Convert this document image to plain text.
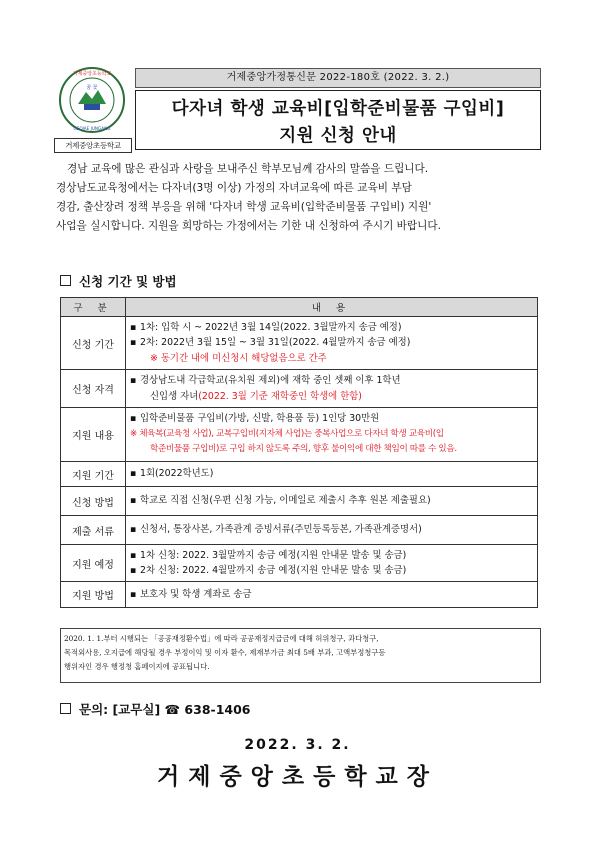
거제중앙초등학교
GEOJAE JUNGANG
꿈 꽃
거제중앙초등학교
거제중앙가정통신문 2022-180호 (2022. 3. 2.)
다자녀 학생 교육비[입학준비물품 구입비]
지원 신청 안내

경남 교육에 많은 관심과 사랑을 보내주신 학부모님께 감사의 말씀을 드립니다.

경상남도교육청에서는 다자녀(3명 이상) 가정의 자녀교육에 따른 교육비 부담

경감, 출산장려 정책 부응을 위해 '다자녀 학생 교육비(입학준비물품 구입비) 지원'

사업을 실시합니다. 지원을 희망하는 가정에서는 기한 내 신청하여 주시기 바랍니다.

신청 기간 및 방법
구 분	내 용
신청 기간	▪ 1차: 입학 시 ~ 2022년 3월 14일(2022. 3월말까지 송금 예정)
▪ 2차: 2022년 3월 15일 ~ 3월 31일(2022. 4월말까지 송금 예정)
※ 동기간 내에 미신청시 해당없음으로 간주

신청 자격	▪ 경상남도내 각급학교(유치원 제외)에 재학 중인 셋째 이후 1학년
신입생 자녀(2022. 3월 기준 재학중인 학생에 한함)

지원 내용	▪ 입학준비물품 구입비(가방, 신발, 학용품 등) 1인당 30만원
※ 체육복(교육청 사업), 교복구입비(지자체 사업)는 중복사업으로 다자녀 학생 교육비(입
학준비물품 구입비)로 구입 하지 않도록 주의, 향후 불이익에 대한 책임이 따를 수 있음.

지원 기간	▪ 1회(2022학년도)

신청 방법	▪ 학교로 직접 신청(우편 신청 가능, 이메일로 제출시 추후 원본 제출필요)

제출 서류	▪ 신청서, 통장사본, 가족관계 증빙서류(주민등록등본, 가족관계증명서)

지원 예정	▪ 1차 신청: 2022. 3월말까지 송금 예정(지원 안내문 발송 및 송금)
▪ 2차 신청: 2022. 4월말까지 송금 예정(지원 안내문 발송 및 송금)

지원 방법	▪ 보호자 및 학생 계좌로 송금

2020. 1. 1.부터 시행되는 「공공재정환수법」에 따라 공공재정지급금에 대해 허위청구, 과다청구,

목적외사용, 오지급에 해당될 경우 부정이익 및 이자 환수, 제재부가금 최대 5배 부과, 고액부정청구등

행위자인 경우 행정청 홈페이지에 공표됩니다.

문의: [교무실] ☎ 638-1406
2022. 3. 2.
거제중앙초등학교장
